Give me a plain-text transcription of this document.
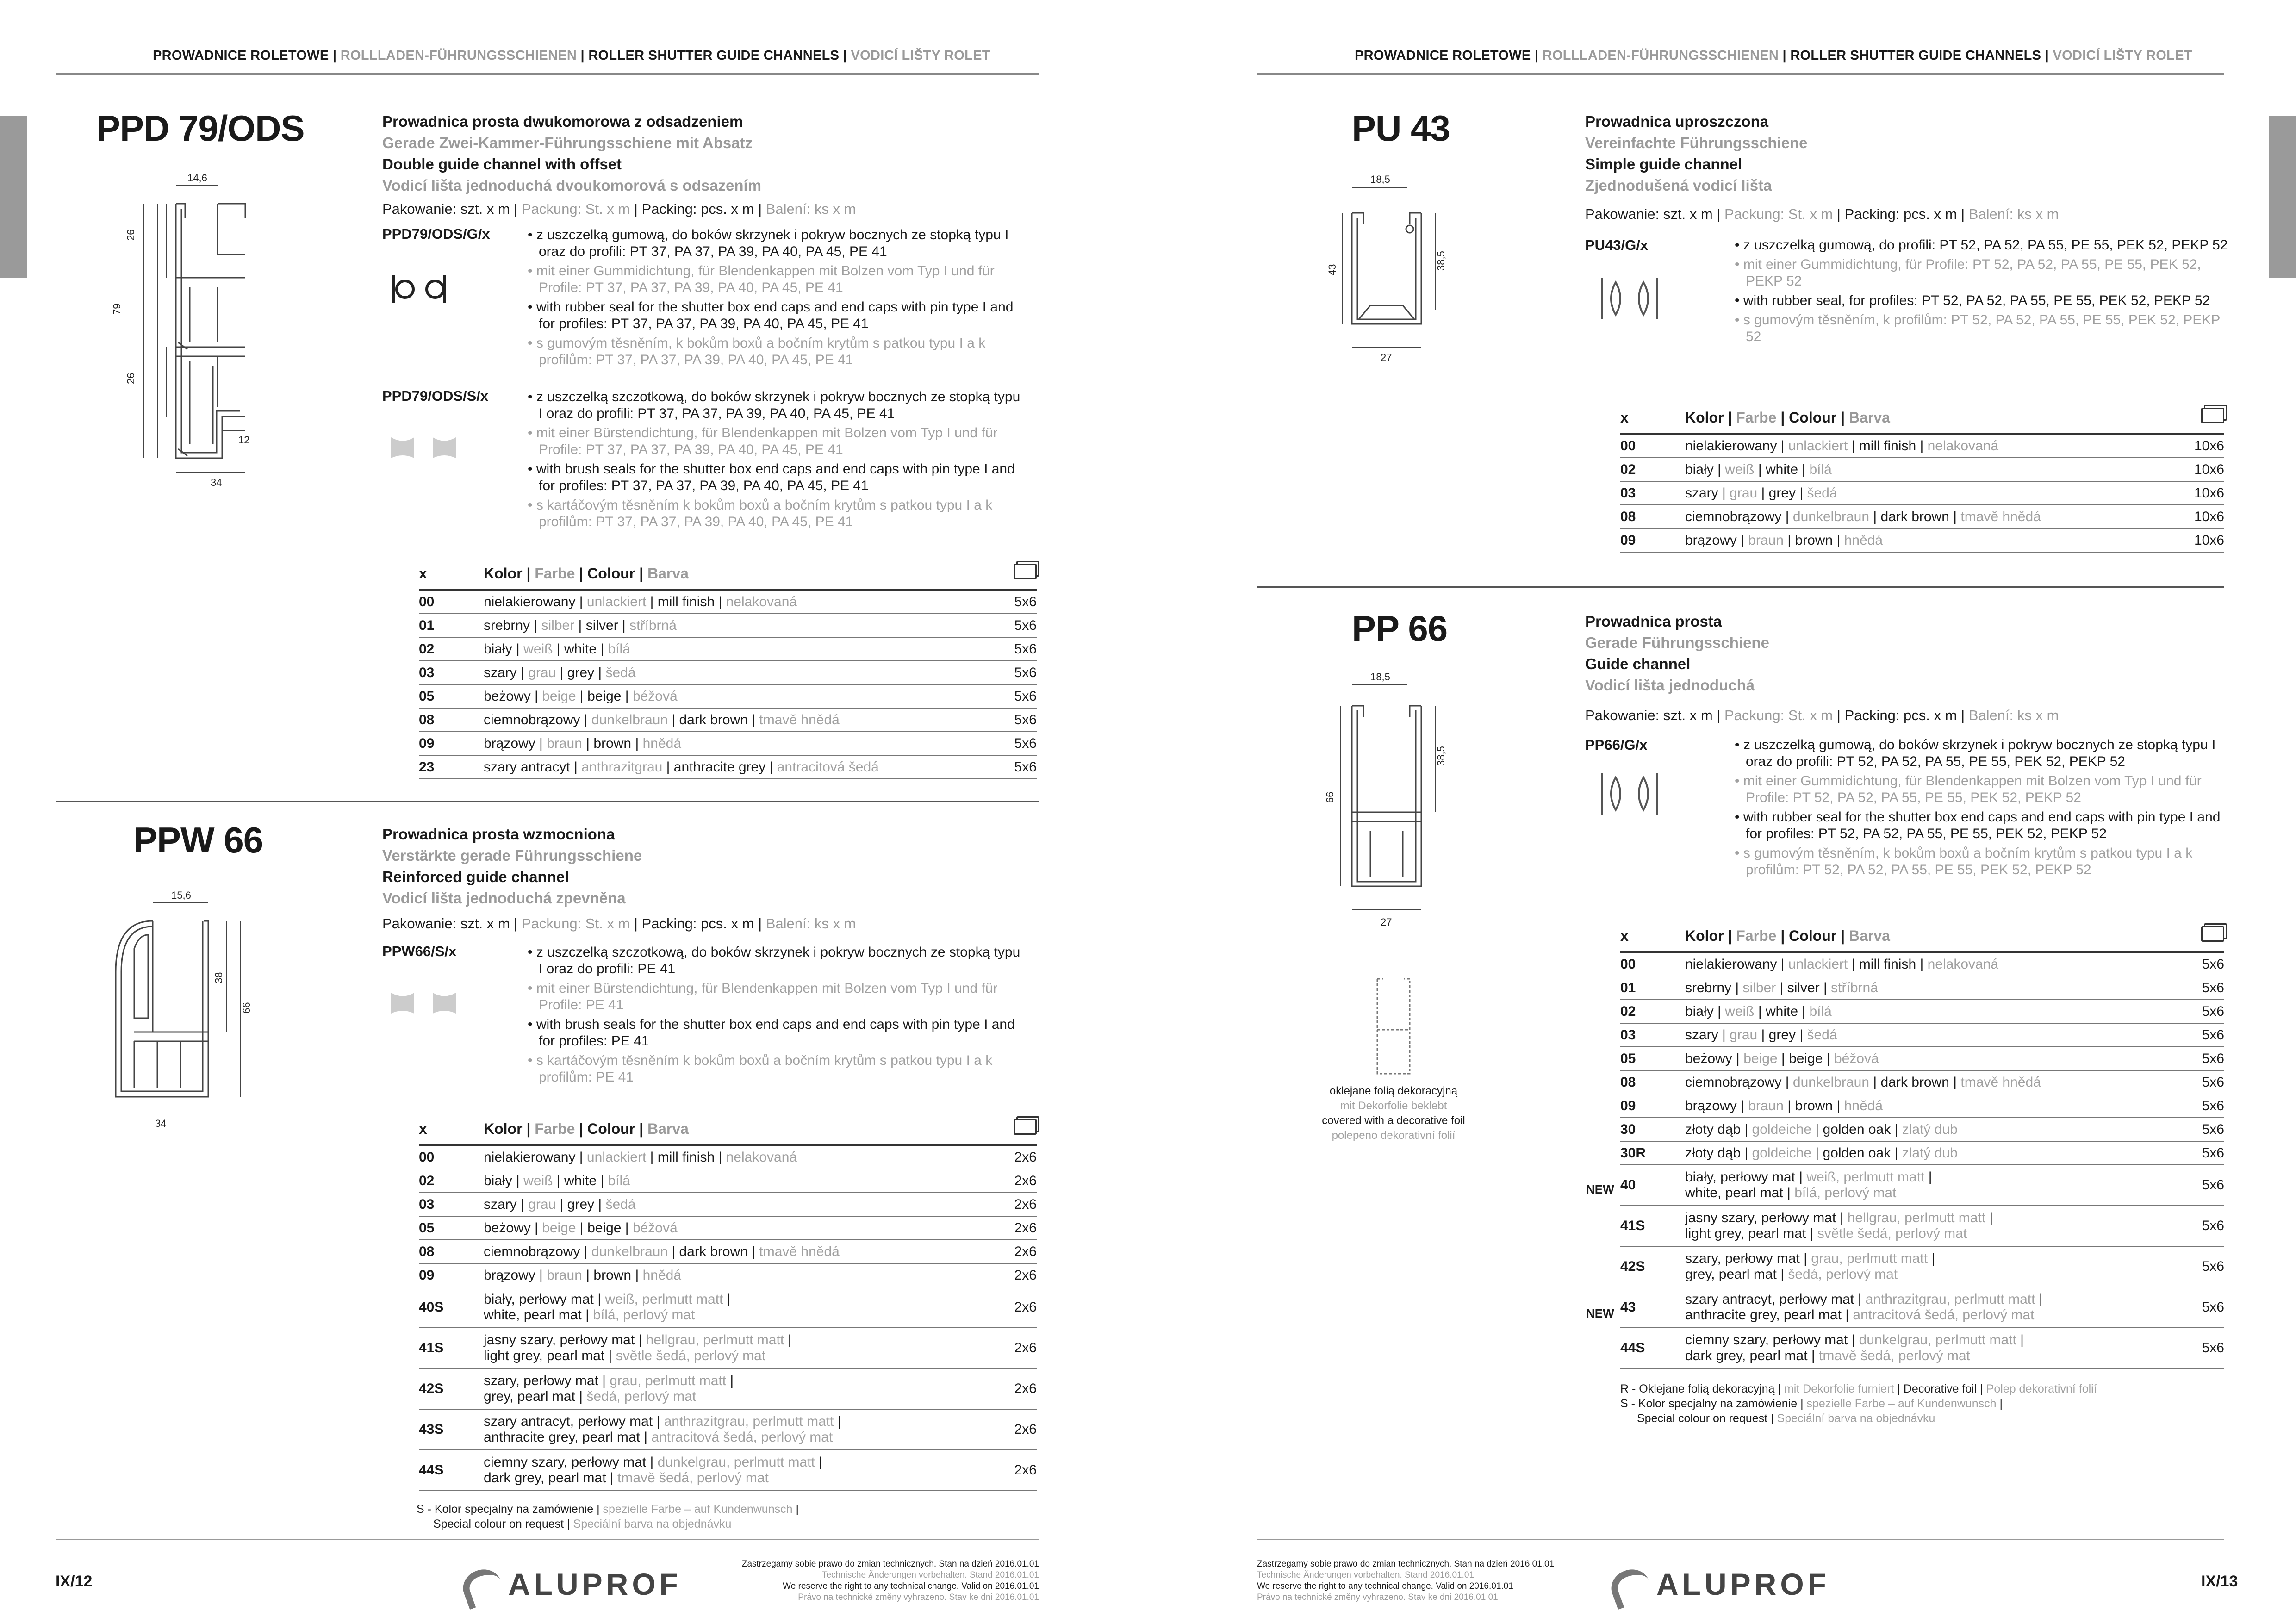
PROWADNICE ROLETOWE | ROLLLADEN-FÜHRUNGSSCHIENEN | ROLLER SHUTTER GUIDE CHANNELS | VODICÍ LIŠTY ROLET
PPD 79/ODS	Prowadnica prosta dwukomorowa z odsadzeniem
Gerade Zwei-Kammer-Führungsschiene mit Absatz
Double guide channel with offset
Vodicí lišta jednoduchá dvoukomorová s odsazením
Pakowanie: szt. x m | Packung: St. x m | Packing: pcs. x m | Balení: ks x m
14,6
26
79
26
12
34
PPD79/ODS/G/x	• z uszczelką gumową, do boków skrzynek i pokryw bocznych ze stopką typu I oraz do profili: PT 37, PA 37, PA 39, PA 40, PA 45, PE 41

• mit einer Gummidichtung, für Blendenkappen mit Bolzen vom Typ I und für Profile: PT 37, PA 37, PA 39, PA 40, PA 45, PE 41

• with rubber seal for the shutter box end caps and end caps with pin type I and for profiles: PT 37, PA 37, PA 39, PA 40, PA 45, PE 41

• s gumovým těsněním, k bokům boxů a bočním krytům s patkou typu I a k profilům: PT 37, PA 37, PA 39, PA 40, PA 45, PE 41

PPD79/ODS/S/x	• z uszczelką szczotkową, do boków skrzynek i pokryw bocznych ze stopką typu I oraz do profili: PT 37, PA 37, PA 39, PA 40, PA 45, PE 41

• mit einer Bürstendichtung, für Blendenkappen mit Bolzen vom Typ I und für Profile: PT 37, PA 37, PA 39, PA 40, PA 45, PE 41

• with brush seals for the shutter box end caps and end caps with pin type I and for profiles: PT 37, PA 37, PA 39, PA 40, PA 45, PE 41

• s kartáčovým těsněním k bokům boxů a bočním krytům s patkou typu I a k profilům: PT 37, PA 37, PA 39, PA 40, PA 45, PE 41

x	Kolor | Farbe | Colour | Barva	
00	nielakierowany | unlackiert | mill finish | nelakovaná	5x6
01	srebrny | silber | silver | stříbrná	5x6
02	biały | weiß | white | bílá	5x6
03	szary | grau | grey | šedá	5x6
05	beżowy | beige | beige | béžová	5x6
08	ciemnobrązowy | dunkelbraun | dark brown | tmavě hnědá	5x6
09	brązowy | braun | brown | hnědá	5x6
23	szary antracyt | anthrazitgrau | anthracite grey | antracitová šedá	5x6
PPW 66	Prowadnica prosta wzmocniona
Verstärkte gerade Führungsschiene
Reinforced guide channel
Vodicí lišta jednoduchá zpevněna
Pakowanie: szt. x m | Packung: St. x m | Packing: pcs. x m | Balení: ks x m
15,6
38
66
34
PPW66/S/x	• z uszczelką szczotkową, do boków skrzynek i pokryw bocznych ze stopką typu I oraz do profili: PE 41

• mit einer Bürstendichtung, für Blendenkappen mit Bolzen vom Typ I und für Profile: PE 41

• with brush seals for the shutter box end caps and end caps with pin type I and for profiles: PE 41

• s kartáčovým těsněním k bokům boxů a bočním krytům s patkou typu I a k profilům: PE 41

x	Kolor | Farbe | Colour | Barva	
00	nielakierowany | unlackiert | mill finish | nelakovaná	2x6
02	biały | weiß | white | bílá	2x6
03	szary | grau | grey | šedá	2x6
05	beżowy | beige | beige | béžová	2x6
08	ciemnobrązowy | dunkelbraun | dark brown | tmavě hnědá	2x6
09	brązowy | braun | brown | hnědá	2x6
40S	biały, perłowy mat | weiß, perlmutt matt |
white, pearl mat | bílá, perlový mat	2x6
41S	jasny szary, perłowy mat | hellgrau, perlmutt matt |
light grey, pearl mat | světle šedá, perlový mat	2x6
42S	szary, perłowy mat | grau, perlmutt matt |
grey, pearl mat | šedá, perlový mat	2x6
43S	szary antracyt, perłowy mat | anthrazitgrau, perlmutt matt |
anthracite grey, pearl mat | antracitová šedá, perlový mat	2x6
44S	ciemny szary, perłowy mat | dunkelgrau, perlmutt matt |
dark grey, pearl mat | tmavě šedá, perlový mat	2x6
S - Kolor specjalny na zamówienie | spezielle Farbe – auf Kundenwunsch |
Special colour on request | Speciální barva na objednávku
IX/12	ALUPROF
Zastrzegamy sobie prawo do zmian technicznych. Stan na dzień 2016.01.01
Technische Änderungen vorbehalten. Stand 2016.01.01
We reserve the right to any technical change. Valid on 2016.01.01
Právo na technické změny vyhrazeno. Stav ke dni 2016.01.01
PROWADNICE ROLETOWE | ROLLLADEN-FÜHRUNGSSCHIENEN | ROLLER SHUTTER GUIDE CHANNELS | VODICÍ LIŠTY ROLET
PU 43	Prowadnica uproszczona
Vereinfachte Führungsschiene
Simple guide channel
Zjednodušená vodicí lišta
Pakowanie: szt. x m | Packung: St. x m | Packing: pcs. x m | Balení: ks x m
18,5
43	38,5
27
PU43/G/x	• z uszczelką gumową, do profili: PT 52, PA 52, PA 55, PE 55, PEK 52, PEKP 52

• mit einer Gummidichtung, für Profile: PT 52, PA 52, PA 55, PE 55, PEK 52, PEKP 52

• with rubber seal, for profiles: PT 52, PA 52, PA 55, PE 55, PEK 52, PEKP 52

• s gumovým těsněním, k profilům: PT 52, PA 52, PA 55, PE 55, PEK 52, PEKP 52

x	Kolor | Farbe | Colour | Barva	
00	nielakierowany | unlackiert | mill finish | nelakovaná	10x6
02	biały | weiß | white | bílá	10x6
03	szary | grau | grey | šedá	10x6
08	ciemnobrązowy | dunkelbraun | dark brown | tmavě hnědá	10x6
09	brązowy | braun | brown | hnědá	10x6
PP 66	Prowadnica prosta
Gerade Führungsschiene
Guide channel
Vodicí lišta jednoduchá
Pakowanie: szt. x m | Packung: St. x m | Packing: pcs. x m | Balení: ks x m
18,5
66
38,5
27
oklejane folią dekoracyjną
mit Dekorfolie beklebt
covered with a decorative foil
polepeno dekorativní folií
PP66/G/x	• z uszczelką gumową, do boków skrzynek i pokryw bocznych ze stopką typu I oraz do profili: PT 52, PA 52, PA 55, PE 55, PEK 52, PEKP 52

• mit einer Gummidichtung, für Blendenkappen mit Bolzen vom Typ I und für Profile: PT 52, PA 52, PA 55, PE 55, PEK 52, PEKP 52

• with rubber seal for the shutter box end caps and end caps with pin type I and for profiles: PT 52, PA 52, PA 55, PE 55, PEK 52, PEKP 52

• s gumovým těsněním, k bokům boxů a bočním krytům s patkou typu I a k profilům: PT 52, PA 52, PA 55, PE 55, PEK 52, PEKP 52

x	Kolor | Farbe | Colour | Barva	
00	nielakierowany | unlackiert | mill finish | nelakovaná	5x6
01	srebrny | silber | silver | stříbrná	5x6
02	biały | weiß | white | bílá	5x6
03	szary | grau | grey | šedá	5x6
05	beżowy | beige | beige | béžová	5x6
08	ciemnobrązowy | dunkelbraun | dark brown | tmavě hnědá	5x6
09	brązowy | braun | brown | hnědá	5x6
30	złoty dąb | goldeiche | golden oak | zlatý dub	5x6
30R	złoty dąb | goldeiche | golden oak | zlatý dub	5x6
40	biały, perłowy mat | weiß, perlmutt matt |
white, pearl mat | bílá, perlový mat	5x6
41S	jasny szary, perłowy mat | hellgrau, perlmutt matt |
light grey, pearl mat | světle šedá, perlový mat	5x6
42S	szary, perłowy mat | grau, perlmutt matt |
grey, pearl mat | šedá, perlový mat	5x6
43	szary antracyt, perłowy mat | anthrazitgrau, perlmutt matt |
anthracite grey, pearl mat | antracitová šedá, perlový mat	5x6
44S	ciemny szary, perłowy mat | dunkelgrau, perlmutt matt |
dark grey, pearl mat | tmavě šedá, perlový mat	5x6
NEW
NEW
R - Oklejane folią dekoracyjną | mit Dekorfolie furniert | Decorative foil | Polep dekorativní folií
S - Kolor specjalny na zamówienie | spezielle Farbe – auf Kundenwunsch |
Special colour on request | Speciální barva na objednávku
Zastrzegamy sobie prawo do zmian technicznych. Stan na dzień 2016.01.01
Technische Änderungen vorbehalten. Stand 2016.01.01
We reserve the right to any technical change. Valid on 2016.01.01
Právo na technické změny vyhrazeno. Stav ke dni 2016.01.01	ALUPROF	IX/13
